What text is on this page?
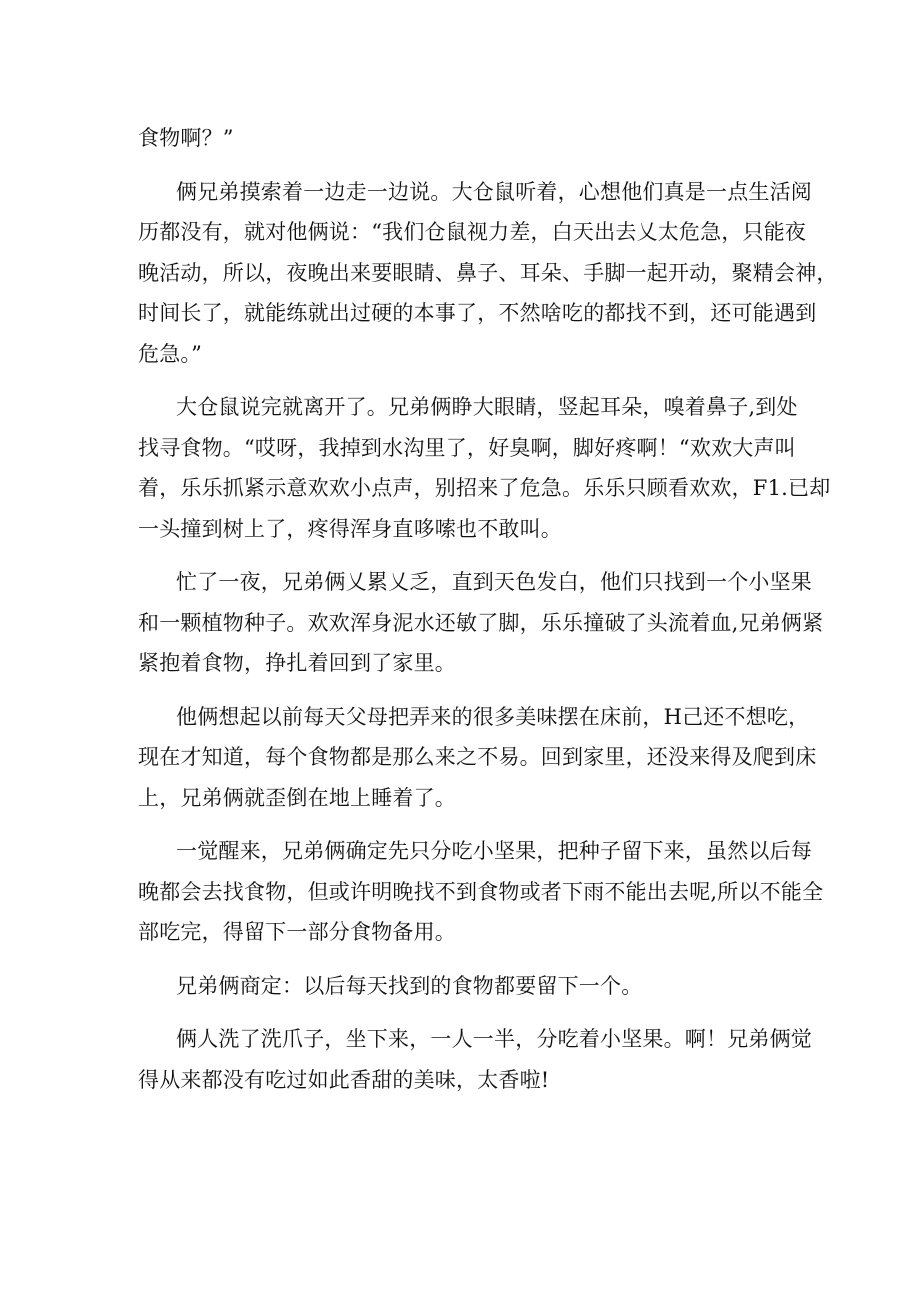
食物啊？”

俩兄弟摸索着一边走一边说。大仓鼠听着，心想他们真是一点生活阅
历都没有，就对他俩说：“我们仓鼠视力差，白天出去乂太危急，只能夜
晚活动，所以，夜晚出来要眼睛、鼻子、耳朵、手脚一起开动，聚精会神，
时间长了，就能练就出过硬的本事了，不然啥吃的都找不到，还可能遇到
危急。”

大仓鼠说完就离开了。兄弟俩睁大眼睛，竖起耳朵，嗅着鼻子,到处
找寻食物。“哎呀，我掉到水沟里了，好臭啊，脚好疼啊！“欢欢大声叫
着，乐乐抓紧示意欢欢小点声，别招来了危急。乐乐只顾看欢欢，F1.已却
一头撞到树上了，疼得浑身直哆嗦也不敢叫。

忙了一夜，兄弟俩乂累乂乏，直到天色发白，他们只找到一个小坚果
和一颗植物种子。欢欢浑身泥水还敏了脚，乐乐撞破了头流着血,兄弟俩紧
紧抱着食物，挣扎着回到了家里。

他俩想起以前每天父母把弄来的很多美味摆在床前，H己还不想吃，
现在才知道，每个食物都是那么来之不易。回到家里，还没来得及爬到床
上，兄弟俩就歪倒在地上睡着了。

一觉醒来，兄弟俩确定先只分吃小坚果，把种子留下来，虽然以后每
晚都会去找食物，但或许明晚找不到食物或者下雨不能出去呢,所以不能全
部吃完，得留下一部分食物备用。

兄弟俩商定：以后每天找到的食物都要留下一个。

俩人洗了洗爪子，坐下来，一人一半，分吃着小坚果。啊！兄弟俩觉
得从来都没有吃过如此香甜的美味，太香啦!
